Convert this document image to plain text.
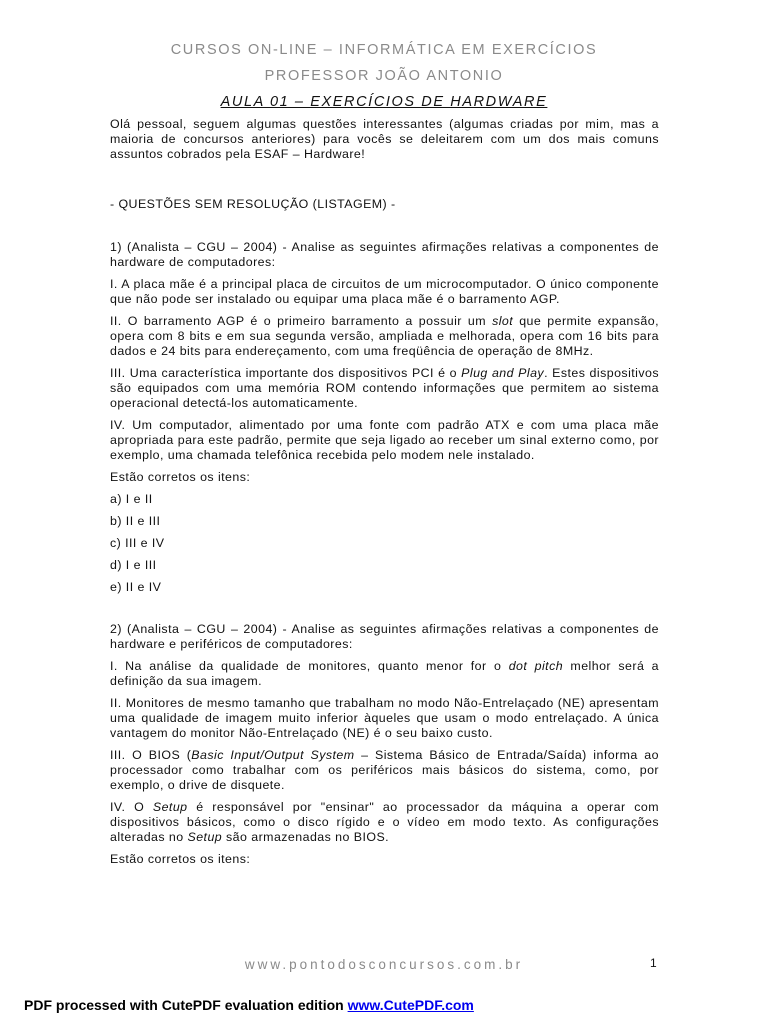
CURSOS ON-LINE – INFORMÁTICA EM EXERCÍCIOS
PROFESSOR JOÃO ANTONIO
AULA 01 – EXERCÍCIOS DE HARDWARE

Olá pessoal, seguem algumas questões interessantes (algumas criadas por mim, mas a maioria de concursos anteriores) para vocês se deleitarem com um dos mais comuns assuntos cobrados pela ESAF – Hardware!

- QUESTÕES SEM RESOLUÇÃO (LISTAGEM) -

1) (Analista – CGU – 2004) - Analise as seguintes afirmações relativas a componentes de hardware de computadores:

I. A placa mãe é a principal placa de circuitos de um microcomputador. O único componente que não pode ser instalado ou equipar uma placa mãe é o barramento AGP.

II. O barramento AGP é o primeiro barramento a possuir um slot que permite expansão, opera com 8 bits e em sua segunda versão, ampliada e melhorada, opera com 16 bits para dados e 24 bits para endereçamento, com uma freqüência de operação de 8MHz.

III. Uma característica importante dos dispositivos PCI é o Plug and Play. Estes dispositivos são equipados com uma memória ROM contendo informações que permitem ao sistema operacional detectá-los automaticamente.

IV. Um computador, alimentado por uma fonte com padrão ATX e com uma placa mãe apropriada para este padrão, permite que seja ligado ao receber um sinal externo como, por exemplo, uma chamada telefônica recebida pelo modem nele instalado.

Estão corretos os itens:

a) I e II

b) II e III

c) III e IV

d) I e III

e) II e IV

2) (Analista – CGU – 2004) - Analise as seguintes afirmações relativas a componentes de hardware e periféricos de computadores:

I. Na análise da qualidade de monitores, quanto menor for o dot pitch melhor será a definição da sua imagem.

II. Monitores de mesmo tamanho que trabalham no modo Não-Entrelaçado (NE) apresentam uma qualidade de imagem muito inferior àqueles que usam o modo entrelaçado. A única vantagem do monitor Não-Entrelaçado (NE) é o seu baixo custo.

III. O BIOS (Basic Input/Output System – Sistema Básico de Entrada/Saída) informa ao processador como trabalhar com os periféricos mais básicos do sistema, como, por exemplo, o drive de disquete.

IV. O Setup é responsável por "ensinar" ao processador da máquina a operar com dispositivos básicos, como o disco rígido e o vídeo em modo texto. As configurações alteradas no Setup são armazenadas no BIOS.

Estão corretos os itens:

www.pontodosconcursos.com.br	1
PDF processed with CutePDF evaluation edition www.CutePDF.com
